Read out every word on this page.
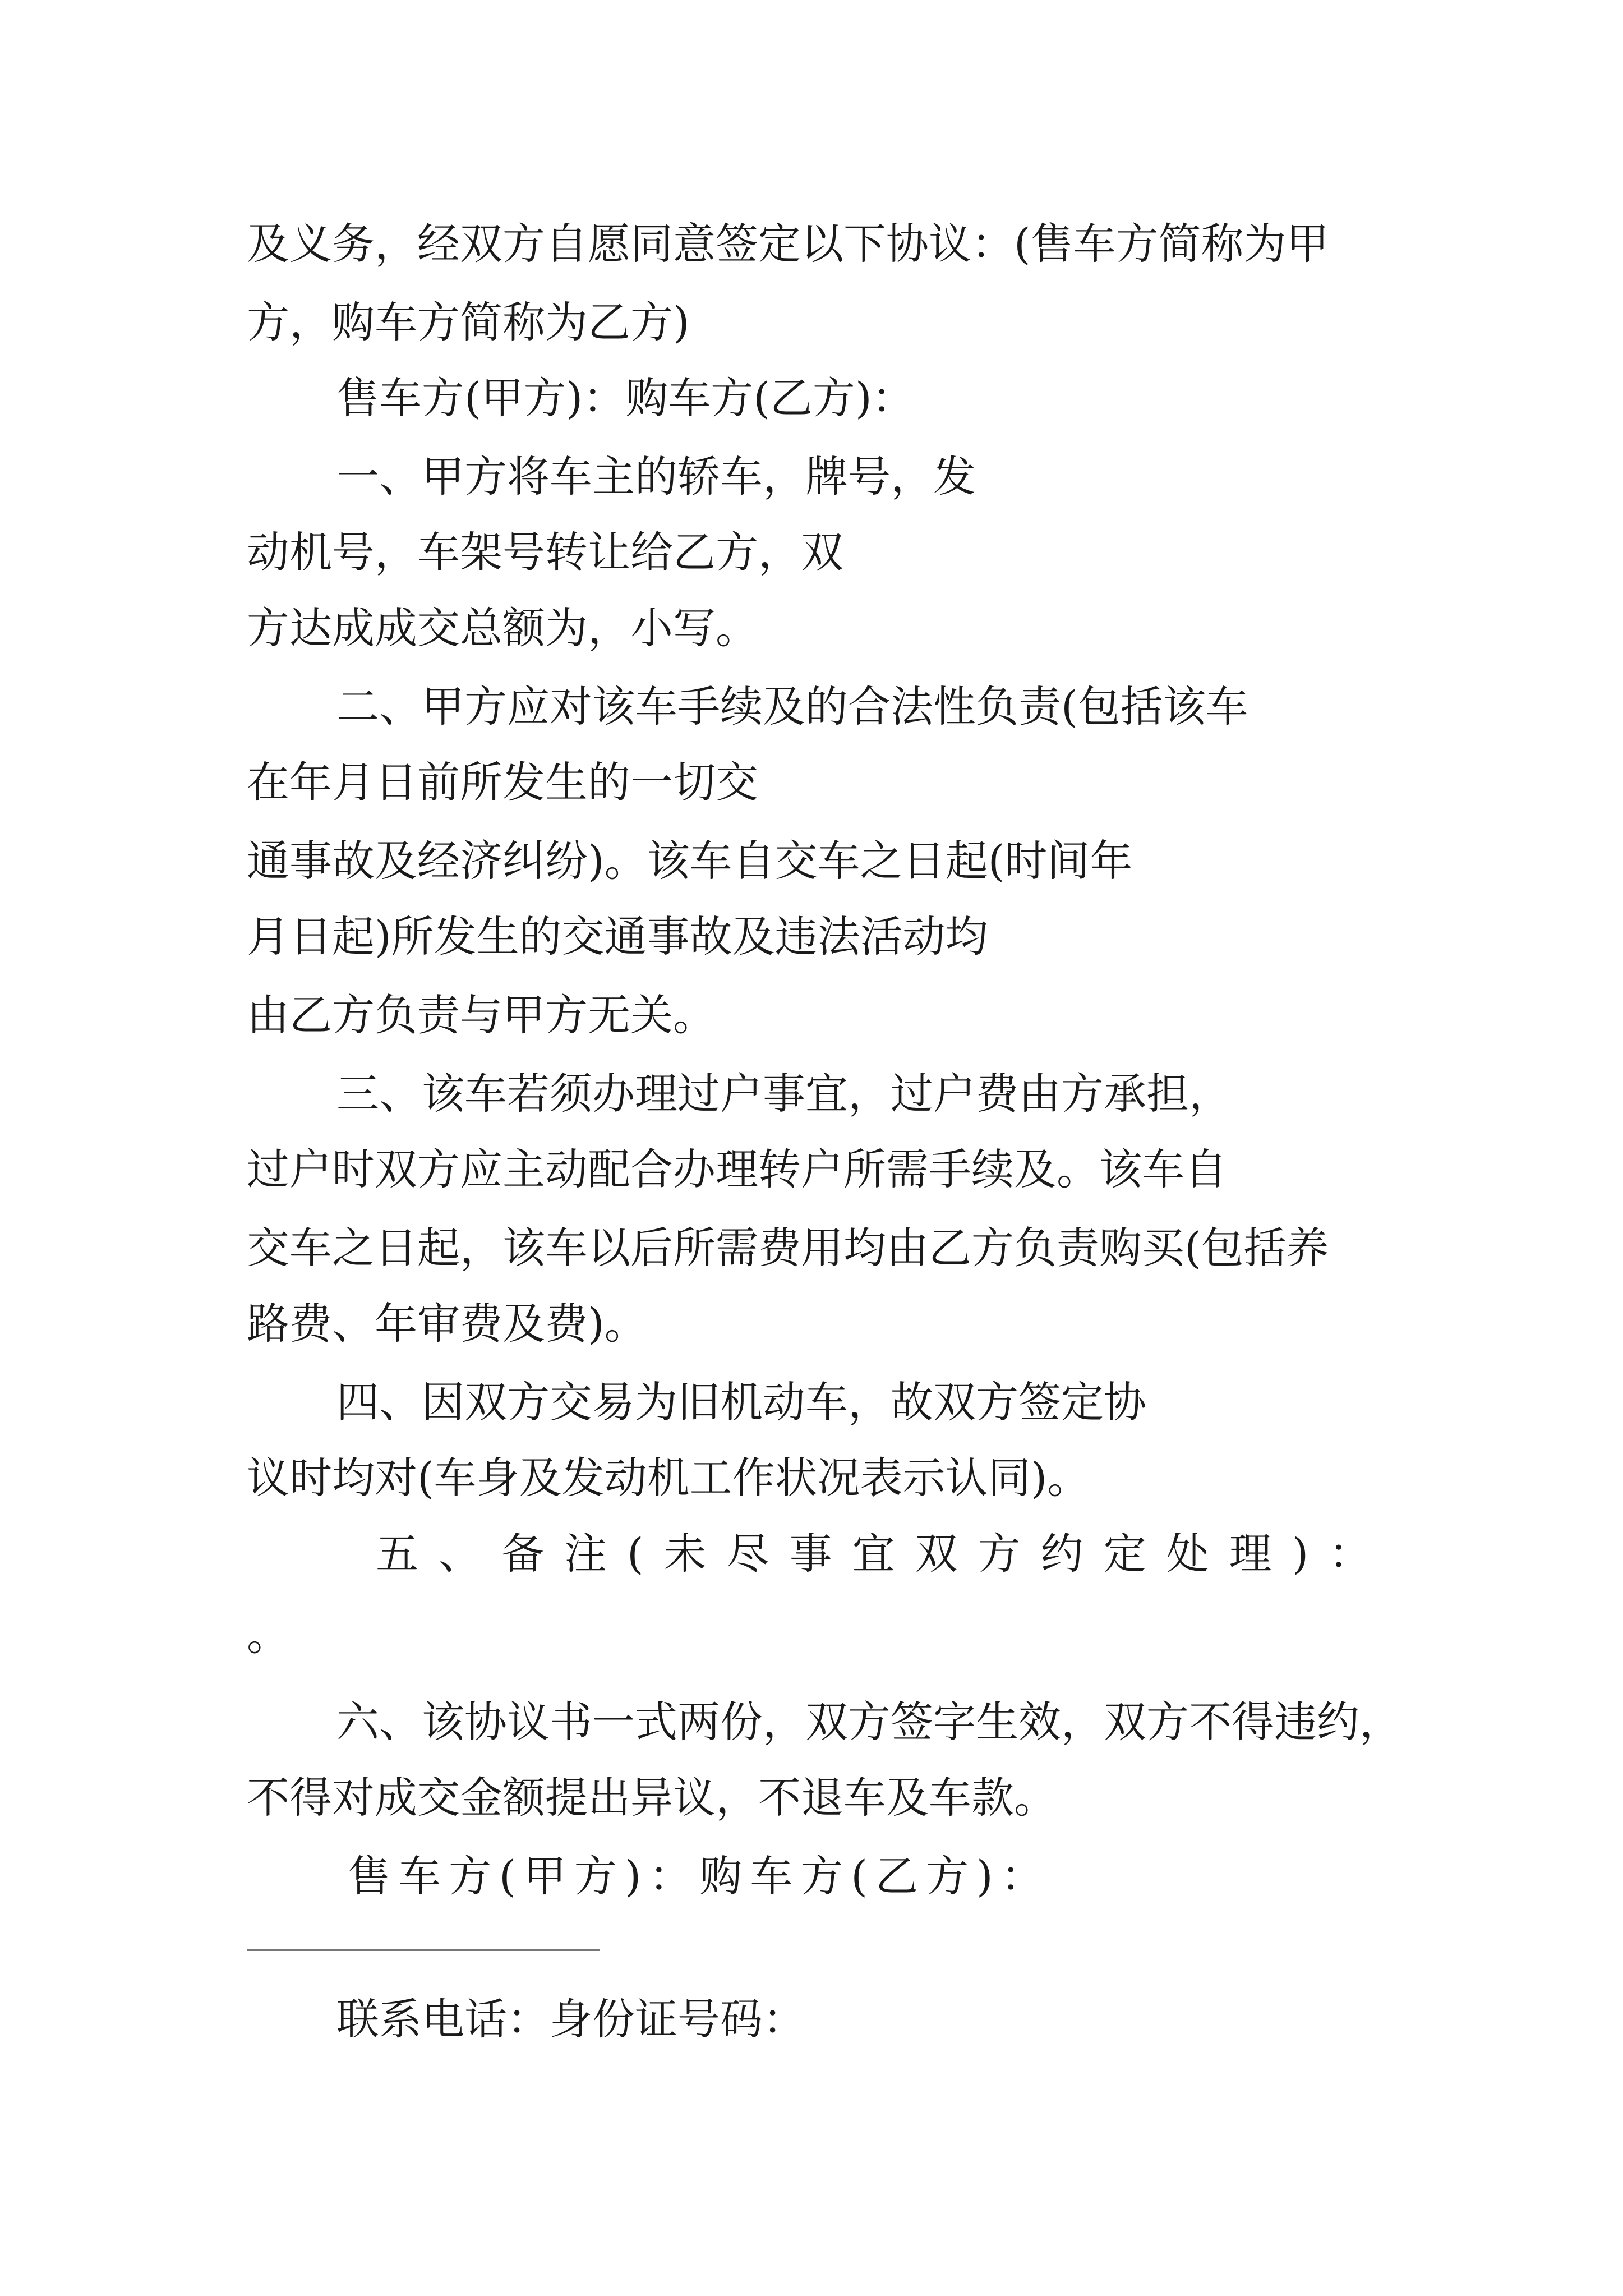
及义务，经双方自愿同意签定以下协议：(售车方简称为甲
方，购车方简称为乙方)
售车方(甲方)：购车方(乙方)：
一、甲方将车主的轿车，牌号，发
动机号，车架号转让给乙方，双
方达成成交总额为，小写。
二、甲方应对该车手续及的合法性负责(包括该车
在年月日前所发生的一切交
通事故及经济纠纷)。该车自交车之日起(时间年
月日起)所发生的交通事故及违法活动均
由乙方负责与甲方无关。
三、该车若须办理过户事宜，过户费由方承担，
过户时双方应主动配合办理转户所需手续及。该车自
交车之日起，该车以后所需费用均由乙方负责购买(包括养
路费、年审费及费)。
四、因双方交易为旧机动车，故双方签定协
议时均对(车身及发动机工作状况表示认同)。
五、备注(未尽事宜双方约定处理)：
。
六、该协议书一式两份，双方签字生效，双方不得违约，
不得对成交金额提出异议，不退车及车款。
售车方(甲方)：购车方(乙方)：
联系电话：身份证号码：
